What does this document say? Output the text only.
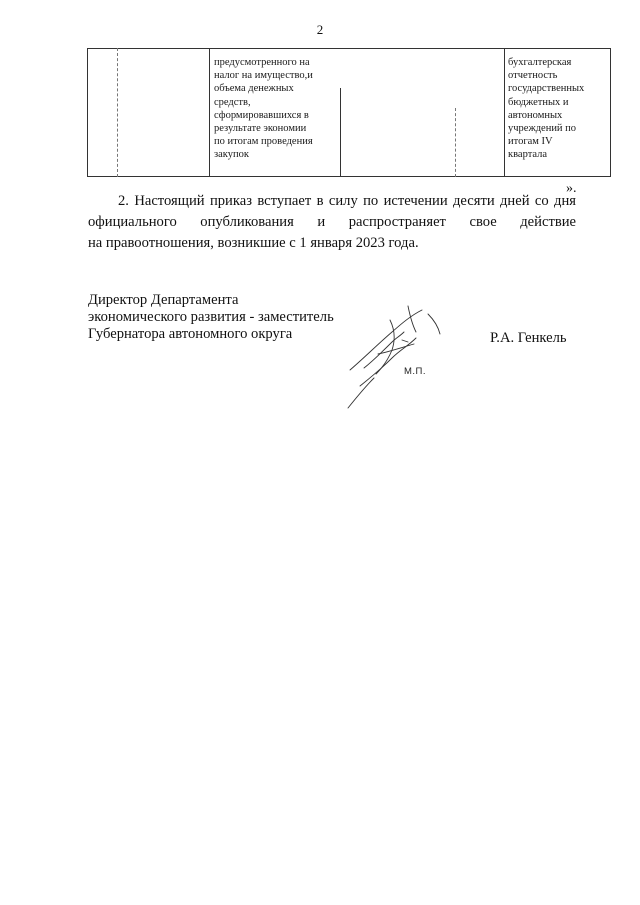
2
предусмотренного на
налог на имущество,и
объема денежных
средств,
сформировавшихся в
результате экономии
по итогам проведения
закупок
бухгалтерская
отчетность
государственных
бюджетных и
автономных
учреждений по
итогам IV
квартала
».
2. Настоящий приказ вступает в силу по истечении десяти дней со дня
официального опубликования и распространяет свое действие
на правоотношения, возникшие с 1 января 2023 года.
Директор Департамента
экономического развития - заместитель
Губернатора автономного округа
М.П.
Р.А. Генкель
